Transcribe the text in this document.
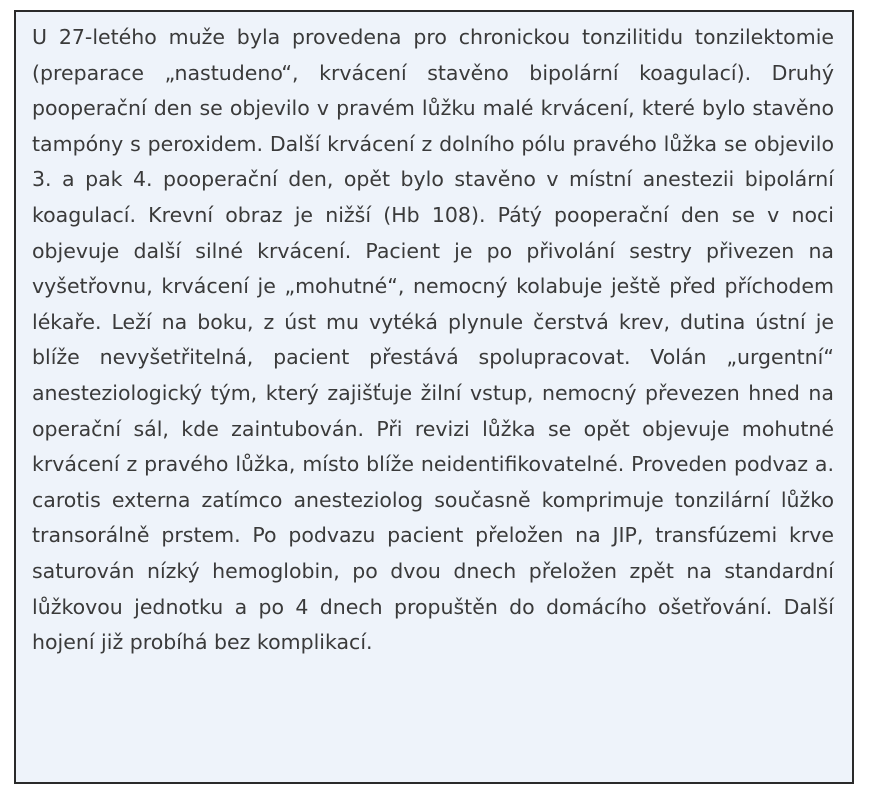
U 27-letého muže byla provedena pro chronickou tonzilitidu tonzilektomie (preparace „nastudeno“, krvácení stavěno bipolární koagulací). Druhý pooperační den se objevilo v pravém lůžku malé krvácení, které bylo stavěno tampóny s peroxidem. Další krvácení z dolního pólu pravého lůžka se objevilo 3. a pak 4. pooperační den, opět bylo stavěno v místní anestezii bipolární koagulací. Krevní obraz je nižší (Hb 108). Pátý pooperační den se v noci objevuje další silné krvácení. Pacient je po přivolání sestry přivezen na vyšetřovnu, krvácení je „mohutné“, nemocný kolabuje ještě před příchodem lékaře. Leží na boku, z úst mu vytéká plynule čerstvá krev, dutina ústní je blíže nevyšetřitelná, pacient přestává spolupracovat. Volán „urgentní“ anesteziologický tým, který zajišťuje žilní vstup, nemocný převezen hned na operační sál, kde zaintubován. Při revizi lůžka se opět objevuje mohutné krvácení z pravého lůžka, místo blíže neidentifikovatelné. Proveden podvaz a. carotis externa zatímco anesteziolog současně komprimuje tonzilární lůžko transorálně prstem. Po podvazu pacient přeložen na JIP, transfúzemi krve saturován nízký hemoglobin, po dvou dnech přeložen zpět na standardní lůžkovou jednotku a po 4 dnech propuštěn do domácího ošetřování. Další hojení již probíhá bez komplikací.
